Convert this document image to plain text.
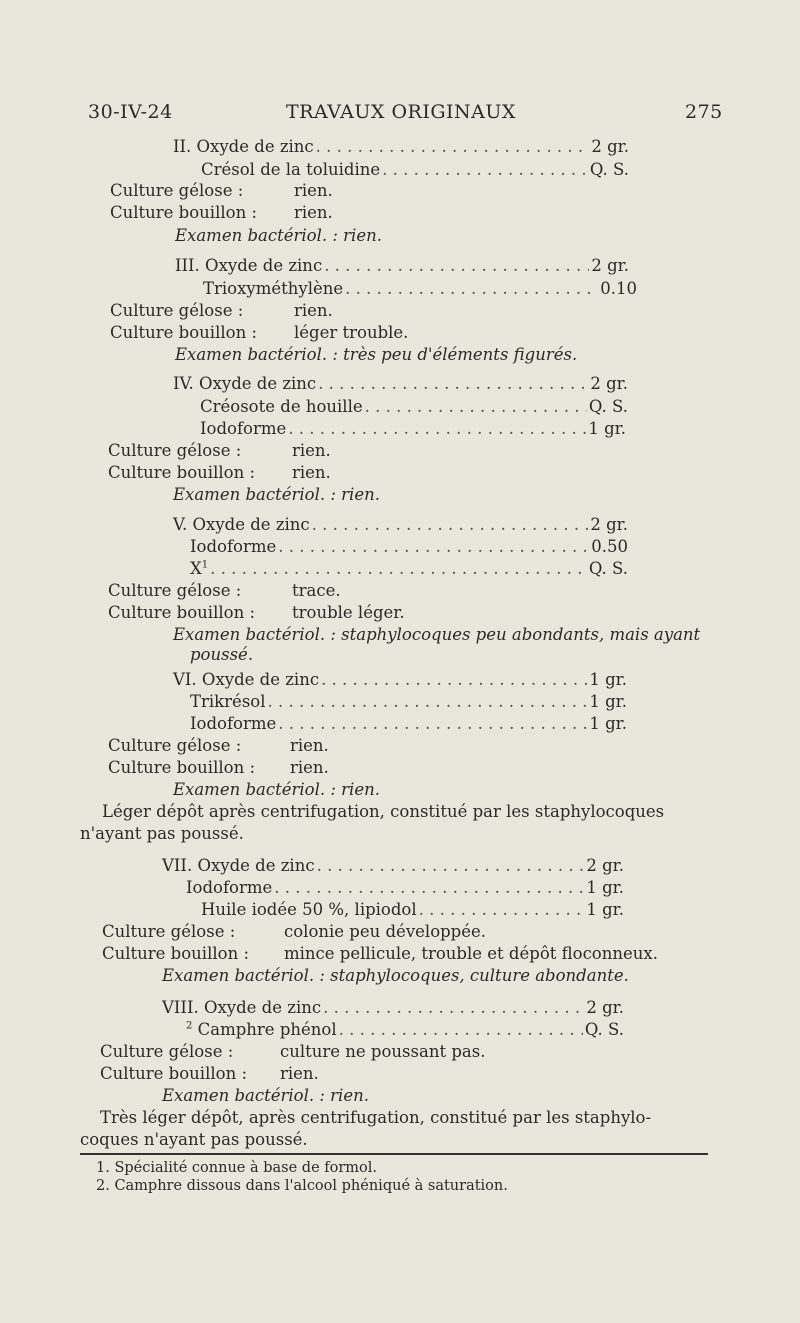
30-IV-24	TRAVAUX ORIGINAUX	275
II. Oxyde de zinc . . .	2 gr.
Crésol de la toluidine . . .	Q. S.
Culture gélose :	rien.
Culture bouillon : rien.
Examen bactériol. : rien.
III. Oxyde de zinc . . .	2 gr.
Trioxyméthylène . . .	0.10
Culture gélose :	rien.
Culture bouillon : léger trouble.
Examen bactériol. : très peu d'éléments figurés.
IV. Oxyde de zinc . . .	2 gr.
Créosote de houille . . .	Q. S.
Iodoforme . . .	1 gr.
Culture gélose :	rien.
Culture bouillon : rien.
Examen bactériol. : rien.
V. Oxyde de zinc . . .	2 gr.
Iodoforme . . .	0.50
$X^1$ . . .	Q. S.
Culture gélose :	trace.
Culture bouillon : trouble léger.
Examen bactériol. : staphylocoques peu abondants, mais ayant
poussé.
VI. Oxyde de zinc . . .	1 gr.
Trikrésol . . .	1 gr.
Iodoforme . . .	1 gr.
Culture gélose :	rien.
Culture bouillon : rien.
Examen bactériol. : rien.
Léger dépôt après centrifugation, constitué par les staphylocoques
n'ayant pas poussé.
VII. Oxyde de zinc . . .	2 gr.
Iodoforme . . .	1 gr.
Huile iodée 50 %, lipiodol . . .	1 gr.
Culture gélose :	colonie peu développée.
Culture bouillon : mince pellicule, trouble et dépôt floconneux.
Examen bactériol. : staphylocoques, culture abondante.
VIII. Oxyde de zinc . . .	2 gr.
$^2$ Camphre phénol . . .	Q. S.
Culture gélose :	culture ne poussant pas.
Culture bouillon : rien.
Examen bactériol. : rien.
Très léger dépôt, après centrifugation, constitué par les staphylo-
coques n'ayant pas poussé.
1. Spécialité connue à base de formol.
2. Camphre dissous dans l'alcool phéniqué à saturation.
